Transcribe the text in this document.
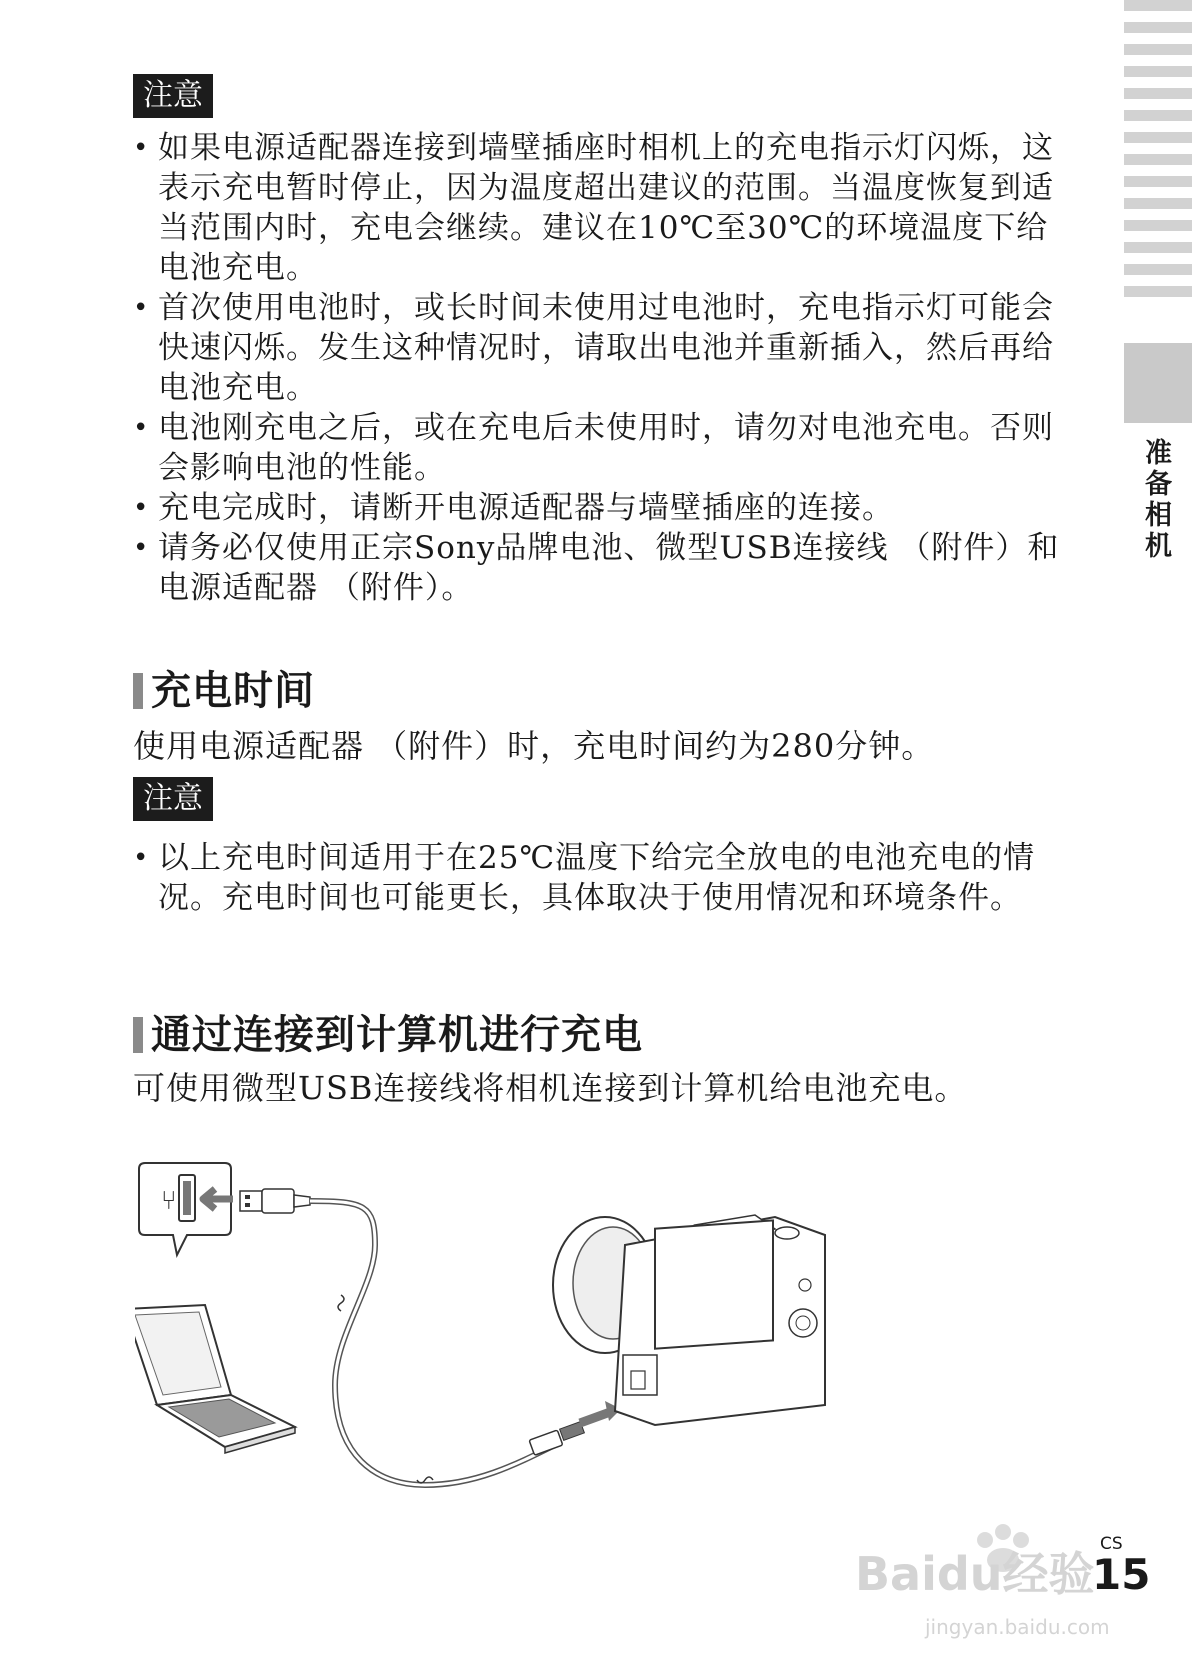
准备相机
注意
• 如果电源适配器连接到墙壁插座时相机上的充电指示灯闪烁，这表示充电暂时停止，因为温度超出建议的范围。当温度恢复到适当范围内时，充电会继续。建议在10℃至30℃的环境温度下给电池充电。
• 首次使用电池时，或长时间未使用过电池时，充电指示灯可能会快速闪烁。发生这种情况时，请取出电池并重新插入，然后再给电池充电。
• 电池刚充电之后，或在充电后未使用时，请勿对电池充电。否则会影响电池的性能。
• 充电完成时，请断开电源适配器与墙壁插座的连接。
• 请务必仅使用正宗Sony品牌电池、微型USB连接线 （附件）和电源适配器 （附件）。
充电时间
使用电源适配器 （附件）时，充电时间约为280分钟。
注意
• 以上充电时间适用于在25℃温度下给完全放电的电池充电的情况。充电时间也可能更长，具体取决于使用情况和环境条件。
通过连接到计算机进行充电
可使用微型USB连接线将相机连接到计算机给电池充电。
⑂
CS
15
Baidu经验
jingyan.baidu.com
